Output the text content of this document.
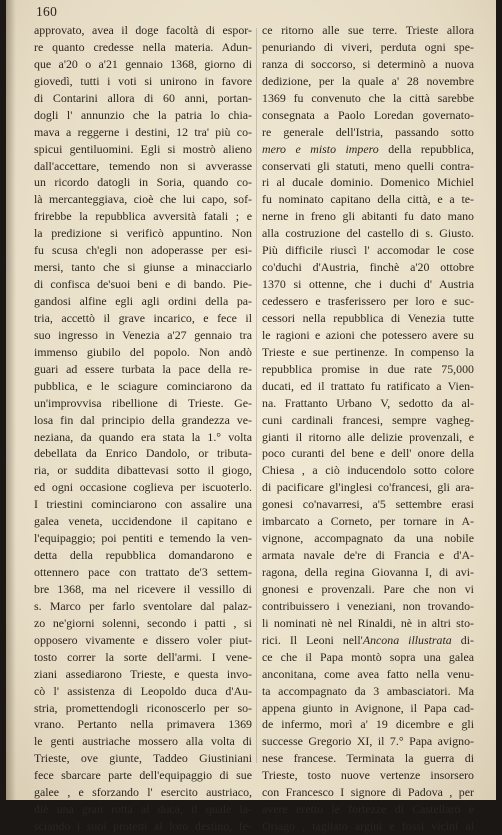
160
approvato, avea il doge facoltà di espor-
re quanto credesse nella materia. Adun-
que a'20 o a'21 gennaio 1368, giorno di
giovedì, tutti i voti si unirono in favore
di Contarini allora di 60 anni, portan-
dogli l' annunzio che la patria lo chia-
mava a reggerne i destini, 12 tra' più co-
spicui gentiluomini. Egli si mostrò alieno
dall'accettare, temendo non si avverasse
un ricordo datogli in Soria, quando co-
là mercanteggiava, cioè che lui capo, sof-
frirebbe la repubblica avversità fatali ; e
la predizione si verificò appuntino. Non
fu scusa ch'egli non adoperasse per esi-
mersi, tanto che si giunse a minacciarlo
di confisca de'suoi beni e di bando. Pie-
gandosi alfine egli agli ordini della pa-
tria, accettò il grave incarico, e fece il
suo ingresso in Venezia a'27 gennaio tra
immenso giubilo del popolo. Non andò
guari ad essere turbata la pace della re-
pubblica, e le sciagure cominciarono da
un'improvvisa ribellione di Trieste. Ge-
losa fin dal principio della grandezza ve-
neziana, da quando era stata la 1.° volta
debellata da Enrico Dandolo, or tributa-
ria, or suddita dibattevasi sotto il giogo,
ed ogni occasione coglieva per iscuoterlo.
I triestini cominciarono con assalire una
galea veneta, uccidendone il capitano e
l'equipaggio; poi pentiti e temendo la ven-
detta della repubblica domandarono e
ottennero pace con trattato de'3 settem-
bre 1368, ma nel ricevere il vessillo di
s. Marco per farlo sventolare dal palaz-
zo ne'giorni solenni, secondo i patti , si
opposero vivamente e dissero voler piut-
tosto correr la sorte dell'armi. I vene-
ziani assediarono Trieste, e questa invo-
cò l' assistenza di Leopoldo duca d'Au-
stria, promettendogli riconoscerlo per so-
vrano. Pertanto nella primavera 1369
le genti austriache mossero alla volta di
Trieste, ove giunte, Taddeo Giustiniani
fece sbarcare parte dell'equipaggio di sue
galee , e sforzando l' esercito austriaco,
diè una gran rotta al duca, il quale la-
sciando i suoi protetti al loro destino, fe-
ce ritorno alle sue terre. Trieste allora
penuriando di viveri, perduta ogni spe-
ranza di soccorso, si determinò a nuova
dedizione, per la quale a' 28 novembre
1369 fu convenuto che la città sarebbe
consegnata a Paolo Loredan governato-
re generale dell'Istria, passando sotto
mero e misto impero della repubblica,
conservati gli statuti, meno quelli contra-
ri al ducale dominio. Domenico Michiel
fu nominato capitano della città, e a te-
nerne in freno gli abitanti fu dato mano
alla costruzione del castello di s. Giusto.
Più difficile riuscì l' accomodar le cose
co'duchi d'Austria, finchè a'20 ottobre
1370 si ottenne, che i duchi d' Austria
cedessero e trasferissero per loro e suc-
cessori nella repubblica di Venezia tutte
le ragioni e azioni che potessero avere su
Trieste e sue pertinenze. In compenso la
repubblica promise in due rate 75,000
ducati, ed il trattato fu ratificato a Vien-
na. Frattanto Urbano V, sedotto da al-
cuni cardinali francesi, sempre vagheg-
gianti il ritorno alle delizie provenzali, e
poco curanti del bene e dell' onore della
Chiesa , a ciò inducendolo sotto colore
di pacificare gl'inglesi co'francesi, gli ara-
gonesi co'navarresi, a'5 settembre erasi
imbarcato a Corneto, per tornare in A-
vignone, accompagnato da una nobile
armata navale de're di Francia e d'A-
ragona, della regina Giovanna I, di avi-
gnonesi e provenzali. Pare che non vi
contribuissero i veneziani, non trovando-
li nominati nè nel Rinaldi, nè in altri sto-
rici. Il Leoni nell'Ancona illustrata di-
ce che il Papa montò sopra una galea
anconitana, come avea fatto nella venu-
ta accompagnato da 3 ambasciatori. Ma
appena giunto in Avignone, il Papa cad-
de infermo, morì a' 19 dicembre e gli
successe Gregorio XI, il 7.° Papa avigno-
nese francese. Terminata la guerra di
Trieste, tosto nuove vertenze insorsero
con Francesco I signore di Padova , per
avere eretto le fortezze di Castellaro e
Oriago , tagliato argini e fossi vicini al
